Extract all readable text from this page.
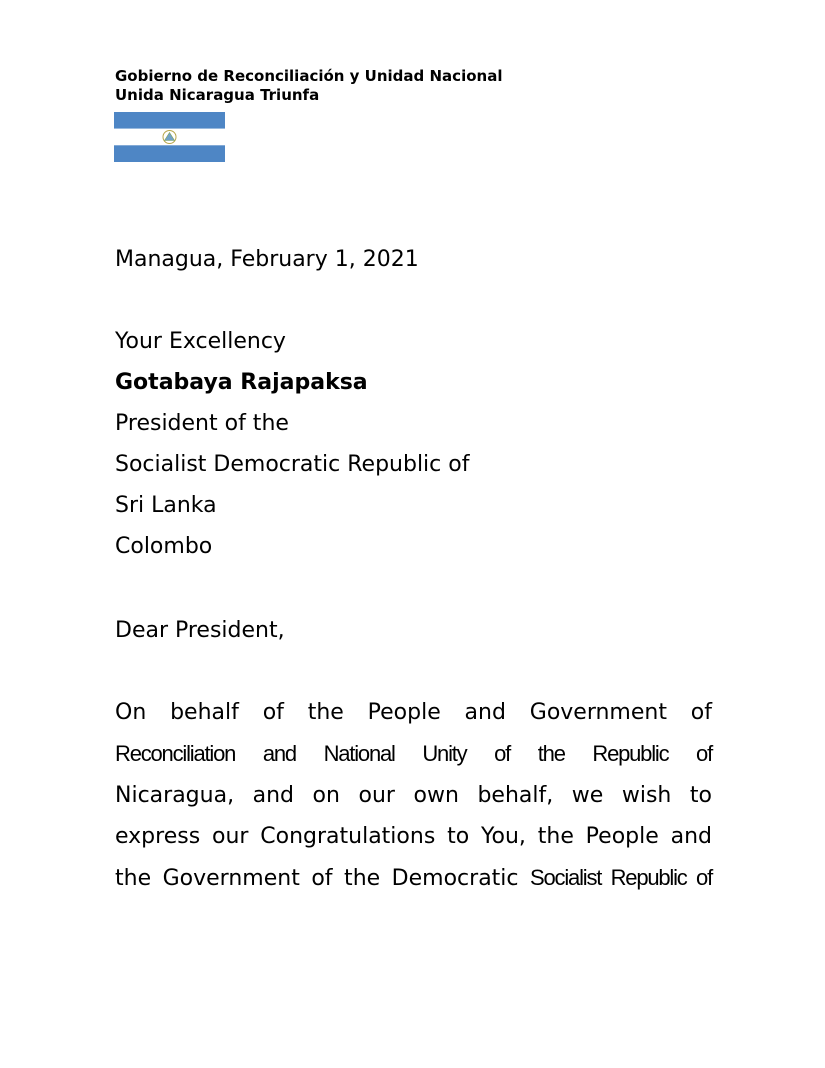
Gobierno de Reconciliación y Unidad Nacional
Unida Nicaragua Triunfa
Managua, February 1, 2021
Your Excellency
Gotabaya Rajapaksa
President of the
Socialist Democratic Republic of
Sri Lanka
Colombo
Dear President,
On behalf of the People and Government of
Reconciliation and National Unity of the Republic of
Nicaragua, and on our own behalf, we wish to
express our Congratulations to You, the People and
the Government of the Democratic Socialist Republic of
